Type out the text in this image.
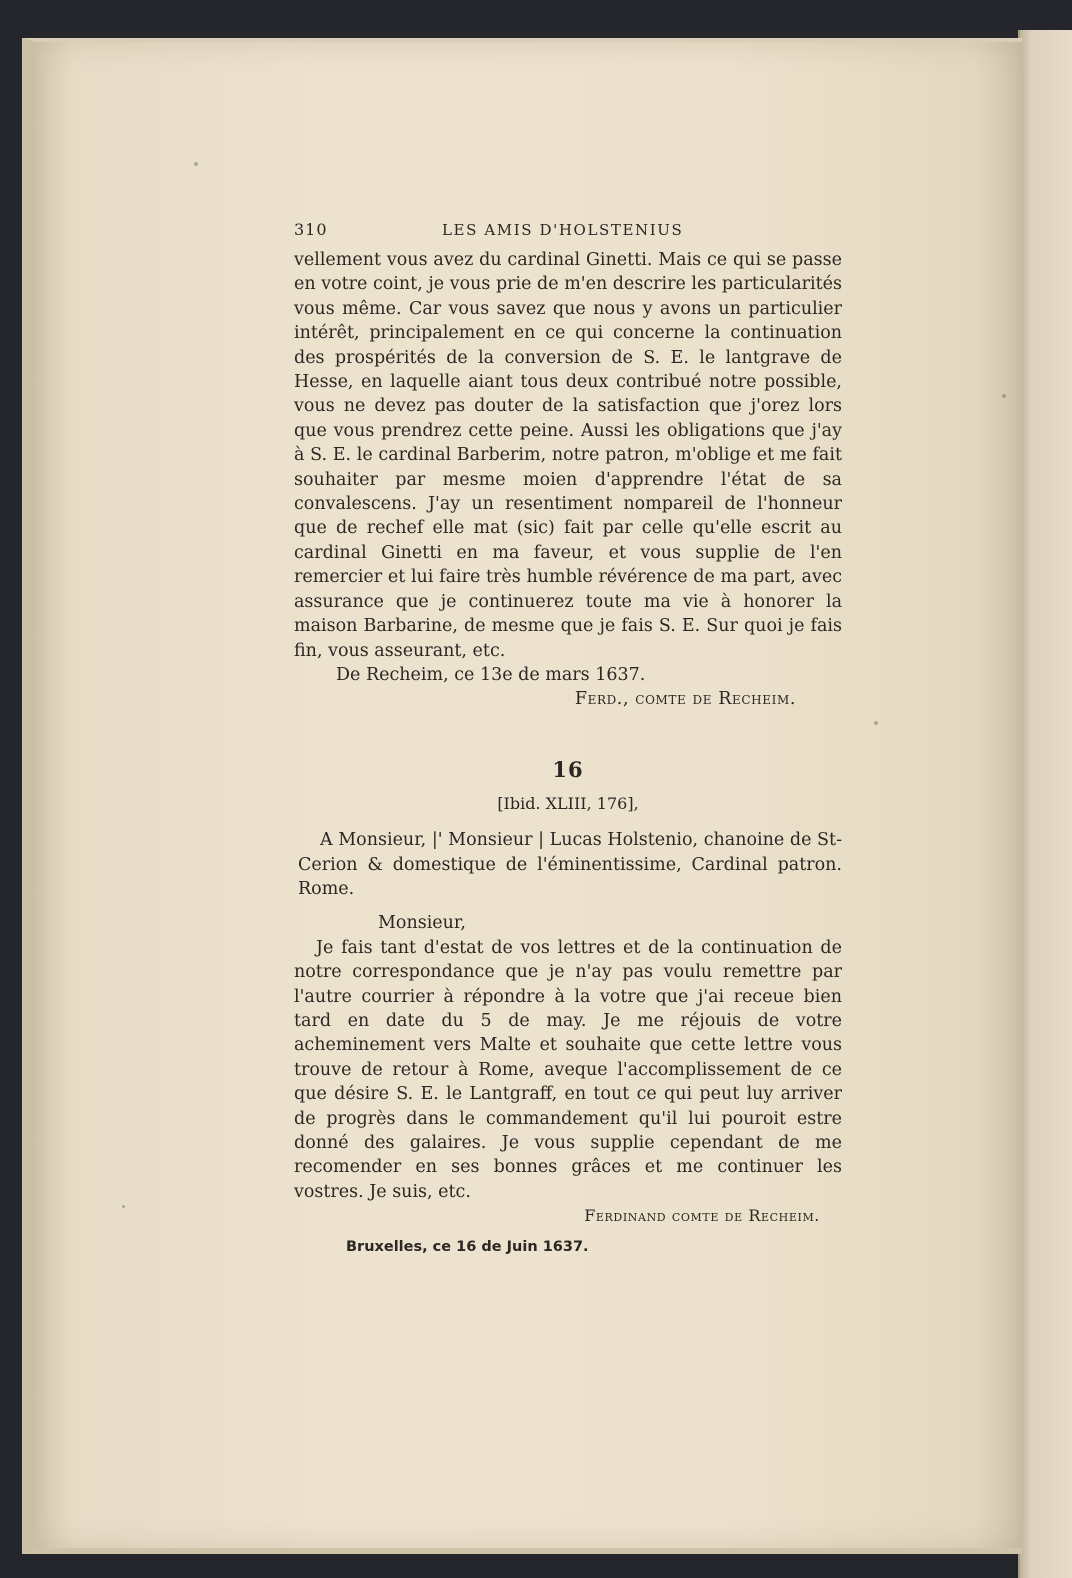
310	LES AMIS D'HOLSTENIUS

vellement vous avez du cardinal Ginetti. Mais ce qui se passe en votre coint, je vous prie de m'en descrire les particularités vous même. Car vous savez que nous y avons un particulier intérêt, principalement en ce qui concerne la continuation des prospérités de la conversion de S. E. le lantgrave de Hesse, en laquelle aiant tous deux contribué notre possible, vous ne devez pas douter de la satisfaction que j'orez lors que vous prendrez cette peine. Aussi les obligations que j'ay à S. E. le cardinal Barberim, notre patron, m'oblige et me fait souhaiter par mesme moien d'apprendre l'état de sa convalescens. J'ay un resentiment nompareil de l'honneur que de rechef elle mat (sic) fait par celle qu'elle escrit au cardinal Ginetti en ma faveur, et vous supplie de l'en remercier et lui faire très humble révérence de ma part, avec assurance que je continuerez toute ma vie à honorer la maison Barbarine, de mesme que je fais S. E. Sur quoi je fais fin, vous asseurant, etc.

De Recheim, ce 13e de mars 1637.

Ferd., comte de Recheim.

16
[Ibid. XLIII, 176],

A Monsieur, |' Monsieur | Lucas Holstenio, chanoine de St-Cerion & domestique de l'éminentissime, Cardinal patron. Rome.

Monsieur,

Je fais tant d'estat de vos lettres et de la continuation de notre correspondance que je n'ay pas voulu remettre par l'autre courrier à répondre à la votre que j'ai receue bien tard en date du 5 de may. Je me réjouis de votre acheminement vers Malte et souhaite que cette lettre vous trouve de retour à Rome, aveque l'accomplissement de ce que désire S. E. le Lantgraff, en tout ce qui peut luy arriver de progrès dans le commandement qu'il lui pouroit estre donné des galaires. Je vous supplie cependant de me recomender en ses bonnes grâces et me continuer les vostres. Je suis, etc.

Ferdinand comte de Recheim.

Bruxelles, ce 16 de Juin 1637.
